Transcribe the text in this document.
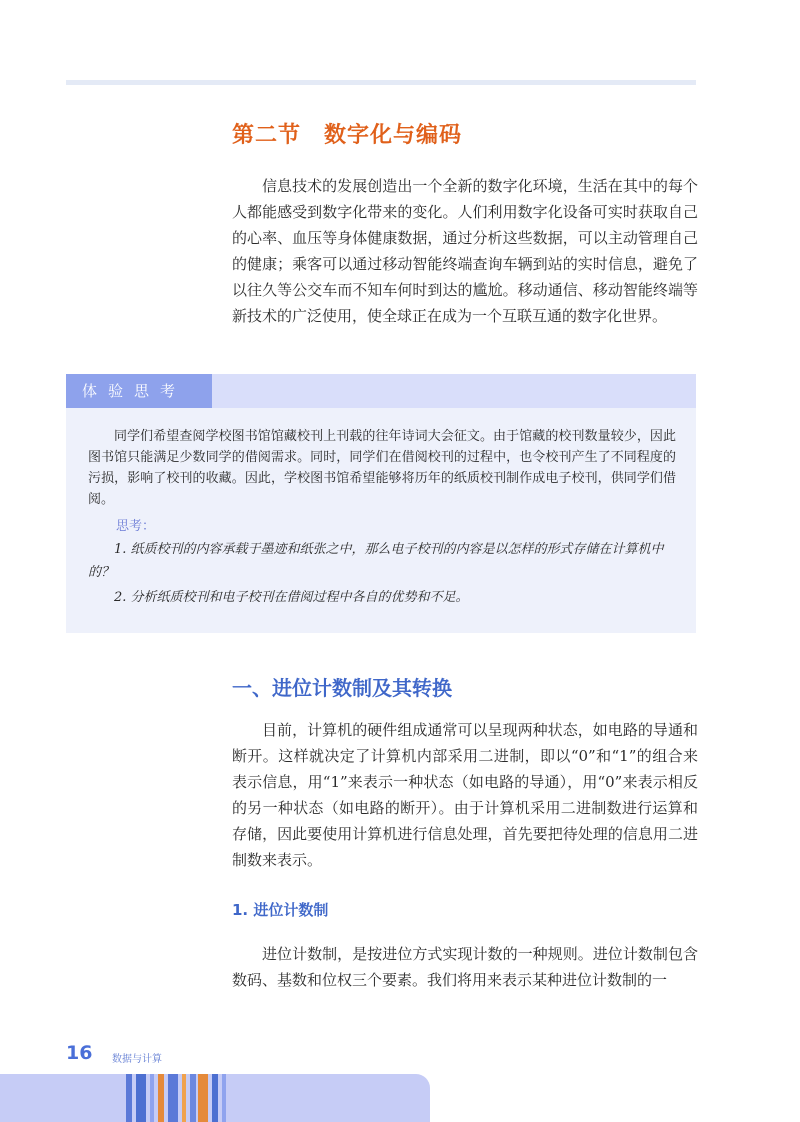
第二节　数字化与编码

信息技术的发展创造出一个全新的数字化环境，生活在其中的每个人都能感受到数字化带来的变化。人们利用数字化设备可实时获取自己的心率、血压等身体健康数据，通过分析这些数据，可以主动管理自己的健康；乘客可以通过移动智能终端查询车辆到站的实时信息，避免了以往久等公交车而不知车何时到达的尴尬。移动通信、移动智能终端等新技术的广泛使用，使全球正在成为一个互联互通的数字化世界。

体验思考

同学们希望查阅学校图书馆馆藏校刊上刊载的往年诗词大会征文。由于馆藏的校刊数量较少，因此图书馆只能满足少数同学的借阅需求。同时，同学们在借阅校刊的过程中，也令校刊产生了不同程度的污损，影响了校刊的收藏。因此，学校图书馆希望能够将历年的纸质校刊制作成电子校刊，供同学们借阅。

思考：

1. 纸质校刊的内容承载于墨迹和纸张之中，那么电子校刊的内容是以怎样的形式存储在计算机中的？

2. 分析纸质校刊和电子校刊在借阅过程中各自的优势和不足。

一、进位计数制及其转换

目前，计算机的硬件组成通常可以呈现两种状态，如电路的导通和断开。这样就决定了计算机内部采用二进制，即以“0”和“1”的组合来表示信息，用“1”来表示一种状态（如电路的导通），用“0”来表示相反的另一种状态（如电路的断开）。由于计算机采用二进制数进行运算和存储，因此要使用计算机进行信息处理，首先要把待处理的信息用二进制数来表示。

1. 进位计数制

进位计数制，是按进位方式实现计数的一种规则。进位计数制包含数码、基数和位权三个要素。我们将用来表示某种进位计数制的一

16 数据与计算
